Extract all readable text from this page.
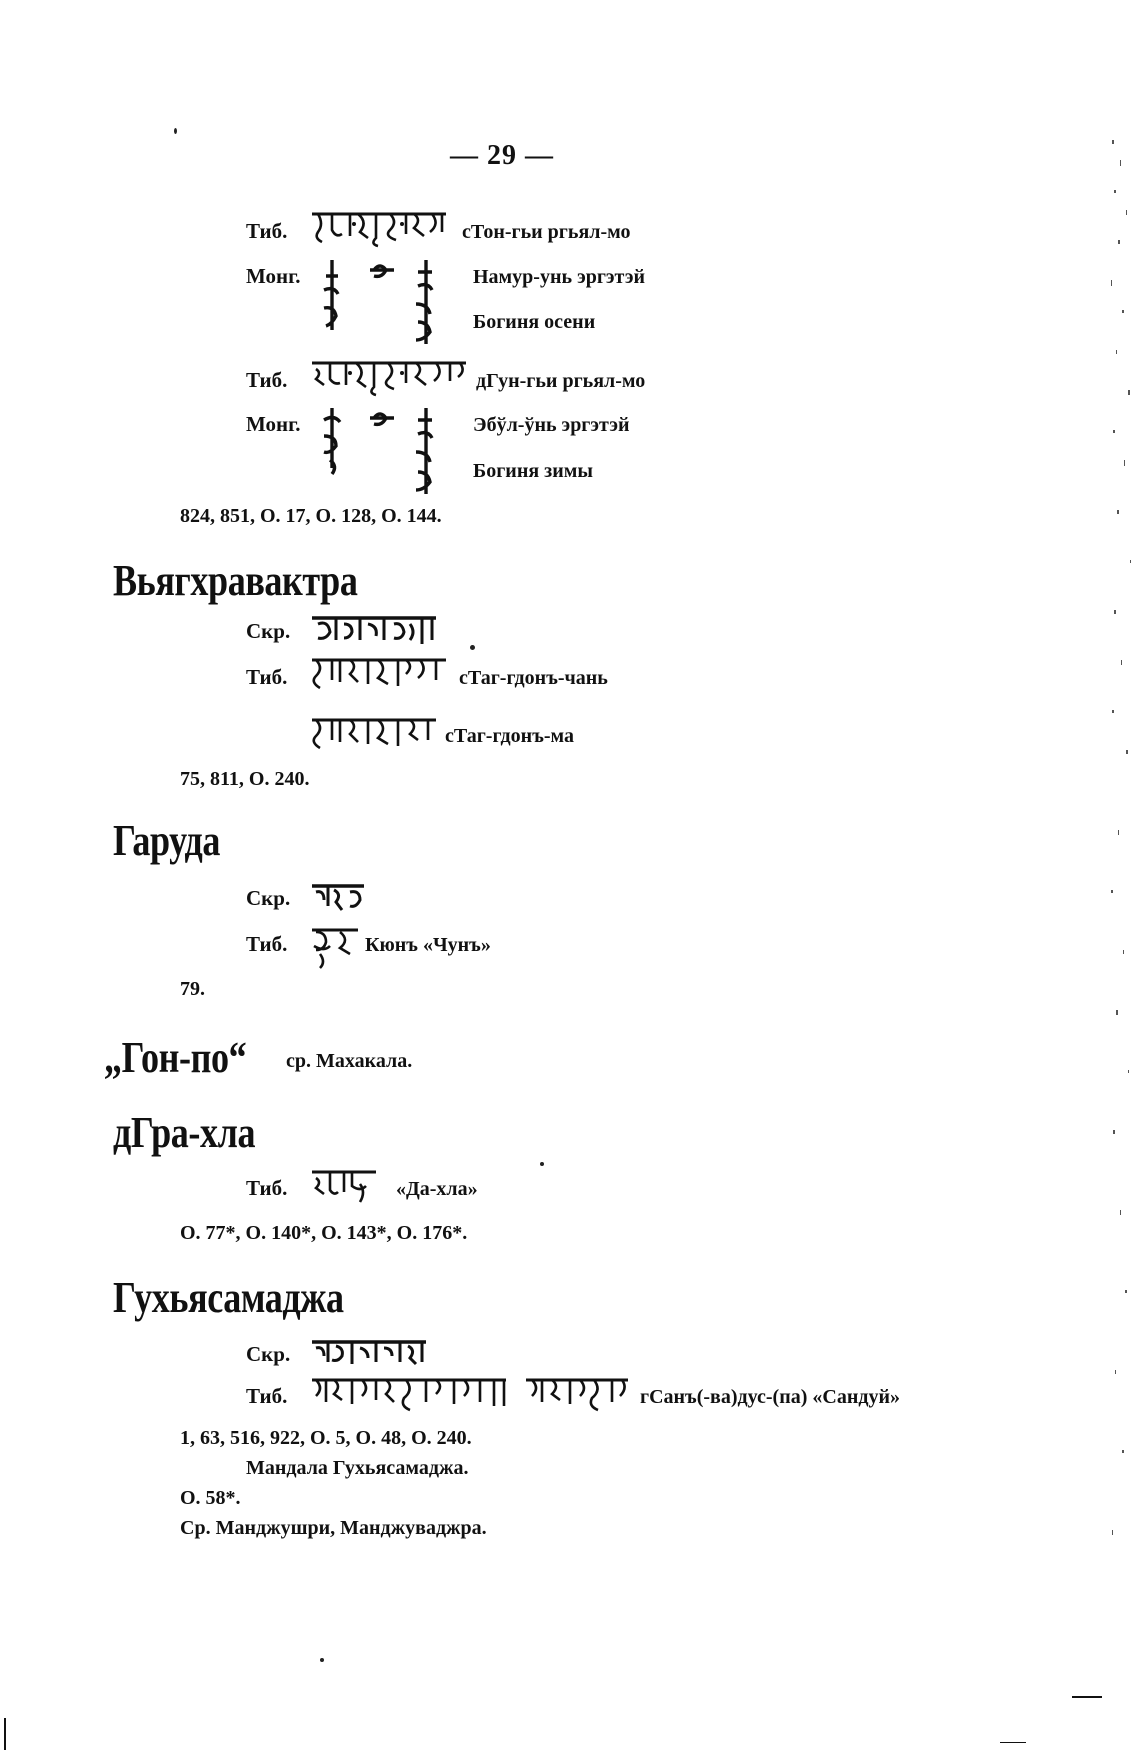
— 29 —
Тиб.	сТон-гьи ргьял-мо
Монг.	Намур-унь эргэтэй
Богиня осени
Тиб.	дГун-гьи ргьял-мо
Монг.	Эбўл-ўнь эргэтэй
Богиня зимы
824, 851, О. 17, О. 128, О. 144.
Вьягхравактра
Скр.
Тиб.	сТаг-гдонъ-чань
сТаг-гдонъ-ма
75, 811, О. 240.
Гаруда
Скр.
Тиб.	Кюнъ «Чунъ»
79.
„Гон-по“ ср. Махакала.
дГра-хла
Тиб.	«Да-хла»
О. 77*, О. 140*, О. 143*, О. 176*.
Гухьясамаджа
Скр.
Тиб.	гСанъ(-ва)дус-(па) «Сандуй»
1, 63, 516, 922, О. 5, О. 48, О. 240.
Мандала Гухьясамаджа.
О. 58*.
Ср. Манджушри, Манджуваджра.
